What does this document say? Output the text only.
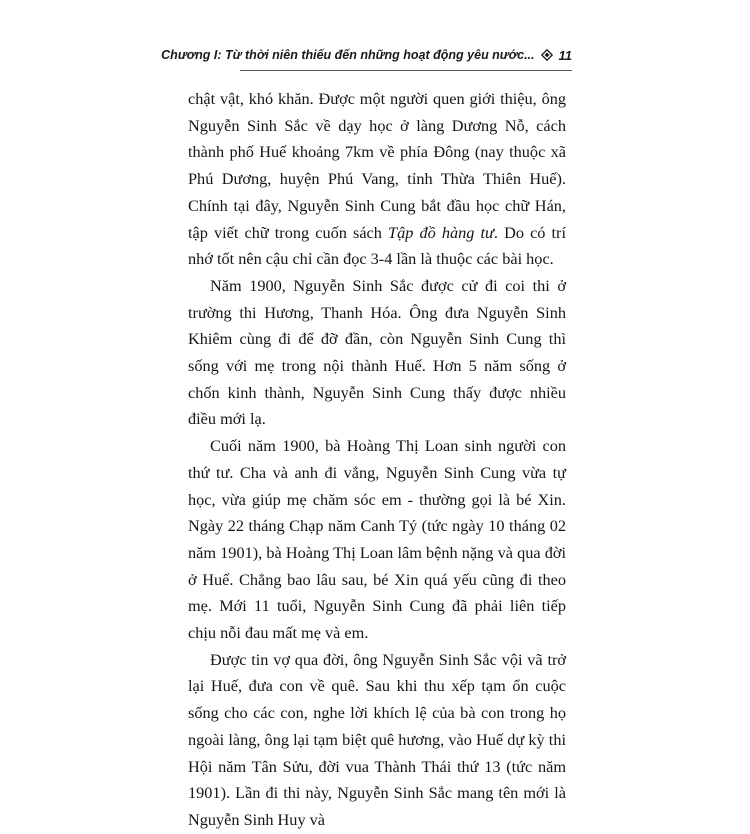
Chương I: Từ thời niên thiếu đến những hoạt động yêu nước... 11

chật vật, khó khăn. Được một người quen giới thiệu, ông Nguyễn Sinh Sắc về dạy học ở làng Dương Nỗ, cách thành phố Huế khoảng 7km về phía Đông (nay thuộc xã Phú Dương, huyện Phú Vang, tỉnh Thừa Thiên Huế). Chính tại đây, Nguyễn Sinh Cung bắt đầu học chữ Hán, tập viết chữ trong cuốn sách Tập đồ hàng tư. Do có trí nhớ tốt nên cậu chỉ cần đọc 3-4 lần là thuộc các bài học.

Năm 1900, Nguyễn Sinh Sắc được cử đi coi thi ở trường thi Hương, Thanh Hóa. Ông đưa Nguyễn Sinh Khiêm cùng đi để đỡ đần, còn Nguyễn Sinh Cung thì sống với mẹ trong nội thành Huế. Hơn 5 năm sống ở chốn kinh thành, Nguyễn Sinh Cung thấy được nhiều điều mới lạ.

Cuối năm 1900, bà Hoàng Thị Loan sinh người con thứ tư. Cha và anh đi vắng, Nguyễn Sinh Cung vừa tự học, vừa giúp mẹ chăm sóc em - thường gọi là bé Xin. Ngày 22 tháng Chạp năm Canh Tý (tức ngày 10 tháng 02 năm 1901), bà Hoàng Thị Loan lâm bệnh nặng và qua đời ở Huế. Chẳng bao lâu sau, bé Xin quá yếu cũng đi theo mẹ. Mới 11 tuổi, Nguyễn Sinh Cung đã phải liên tiếp chịu nỗi đau mất mẹ và em.

Được tin vợ qua đời, ông Nguyễn Sinh Sắc vội vã trở lại Huế, đưa con về quê. Sau khi thu xếp tạm ổn cuộc sống cho các con, nghe lời khích lệ của bà con trong họ ngoài làng, ông lại tạm biệt quê hương, vào Huế dự kỳ thi Hội năm Tân Sửu, đời vua Thành Thái thứ 13 (tức năm 1901). Lần đi thi này, Nguyễn Sinh Sắc mang tên mới là Nguyễn Sinh Huy và
